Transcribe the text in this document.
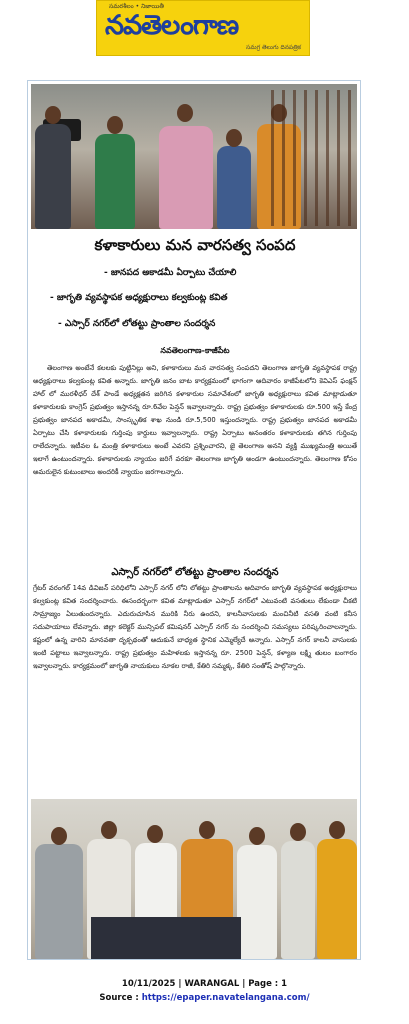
సమరశీలం • నిజాయితీ
నవతెలంగాణ
సమగ్ర తెలుగు దినపత్రిక
కళాకారులు మన వారసత్వ సంపద
- జానపద అకాడమీ ఏర్పాటు చేయాలి
- జాగృతి వ్యవస్థాపక అధ్యక్షురాలు కల్వకుంట్ల కవిత
- ఎస్సార్ నగర్‌లో లోతట్టు ప్రాంతాల సందర్శన
నవతెలంగాణ-కాజీపేట
తెలంగాణ అంటేనే కలలకు పుట్టినిల్లు అని, కళాకారులు మన వారసత్వ సంపదని తెలంగాణ జాగృతి వ్యవస్థాపక రాష్ట్ర అధ్యక్షురాలు కల్వకుంట్ల కవిత అన్నారు. జాగృతి జనం బాట కార్యక్రమంలో భాగంగా ఆదివారం కాజీపేటలోని కెవిఎస్ ఫంక్షన్ హాల్ లో మురళీధర్ దేశ్ పాండే అధ్యక్షతన జరిగిన కళాకారుల సమావేశంలో జాగృతి అధ్యక్షురాలు కవిత మాట్లాడుతూ కళాకారులకు కాంగ్రెస్ ప్రభుత్వం ఇస్తానన్న రూ.6వేల పెన్షన్ ఇవ్వాలన్నారు. రాష్ట్ర ప్రభుత్వం కళాకారులకు రూ.500 ఇస్తే కేంద్ర ప్రభుత్వం జానపద అకాడమీ, సాంస్కృతిక శాఖ నుండి రూ.5,500 ఇస్తుందన్నారు. రాష్ట్ర ప్రభుత్వం జానపద అకాడమీ ఏర్పాటు చేసి కళాకారులకు గుర్తింపు కార్డులు ఇవ్వాలన్నారు. రాష్ట్ర ఏర్పాటు అనంతరం కళాకారులకు తగిన గుర్తింపు రాలేదన్నారు. ఇటీవల ఓ మంత్రి కళాకారులు అంటే ఎవరని ప్రశ్నించారని, జై తెలంగాణ అనని వ్యక్తి ముఖ్యమంత్రి అయితే ఇలాగే ఉంటుందన్నారు. కళాకారులకు న్యాయం జరిగే వరకూ తెలంగాణ జాగృతి అండగా ఉంటుందన్నారు. తెలంగాణ కోసం అమరులైన కుటుంబాలు అందరికీ న్యాయం జరగాలన్నారు.
ఎస్సార్ నగర్‌లో లోతట్టు ప్రాంతాల సందర్శన
గ్రేటర్ వరంగల్ 14వ డివిజన్ పరిధిలోని ఎస్సార్ నగర్ లోని లోతట్టు ప్రాంతాలను ఆదివారం జాగృతి వ్యవస్థాపక అధ్యక్షురాలు కల్వకుంట్ల కవిత సందర్శించారు. ఈసందర్భంగా కవిత మాట్లాడుతూ ఎస్సార్ నగర్‌లో ఎటువంటి వసతులు లేకుండా చీకటి సామ్రాజ్యం ఏలుతుందన్నారు. ఎదురుచూసిన మురికి నీరు ఉందని, కాలనీవాసులకు మంచినీటి వసతి వంటి కనీస సదుపాయాలు లేవన్నారు. జిల్లా కలెక్టర్ మున్సిపల్ కమిషనర్ ఎస్సార్ నగర్ ను సందర్శించి సమస్యలు పరిష్కరించాలన్నారు. కష్టంలో ఉన్న వారిని మానవతా దృక్పథంతో ఆదుకునే బాధ్యత స్థానిక ఎమ్మెల్యేదే అన్నారు. ఎస్సార్ నగర్ కాలనీ వాసులకు ఇంటి పట్టాలు ఇవ్వాలన్నారు. రాష్ట్ర ప్రభుత్వం మహిళలకు ఇస్తానన్న రూ. 2500 పెన్షన్, కళ్యాణ లక్ష్మి తులం బంగారం ఇవ్వాలన్నారు. కార్యక్రమంలో జాగృతి నాయకులు నూకల రాజీ, కేతిరి సమ్మక్క, కేతిరి సంతోష్ పాల్గొన్నారు.
10/11/2025 | WARANGAL | Page : 1
Source : https://epaper.navatelangana.com/
